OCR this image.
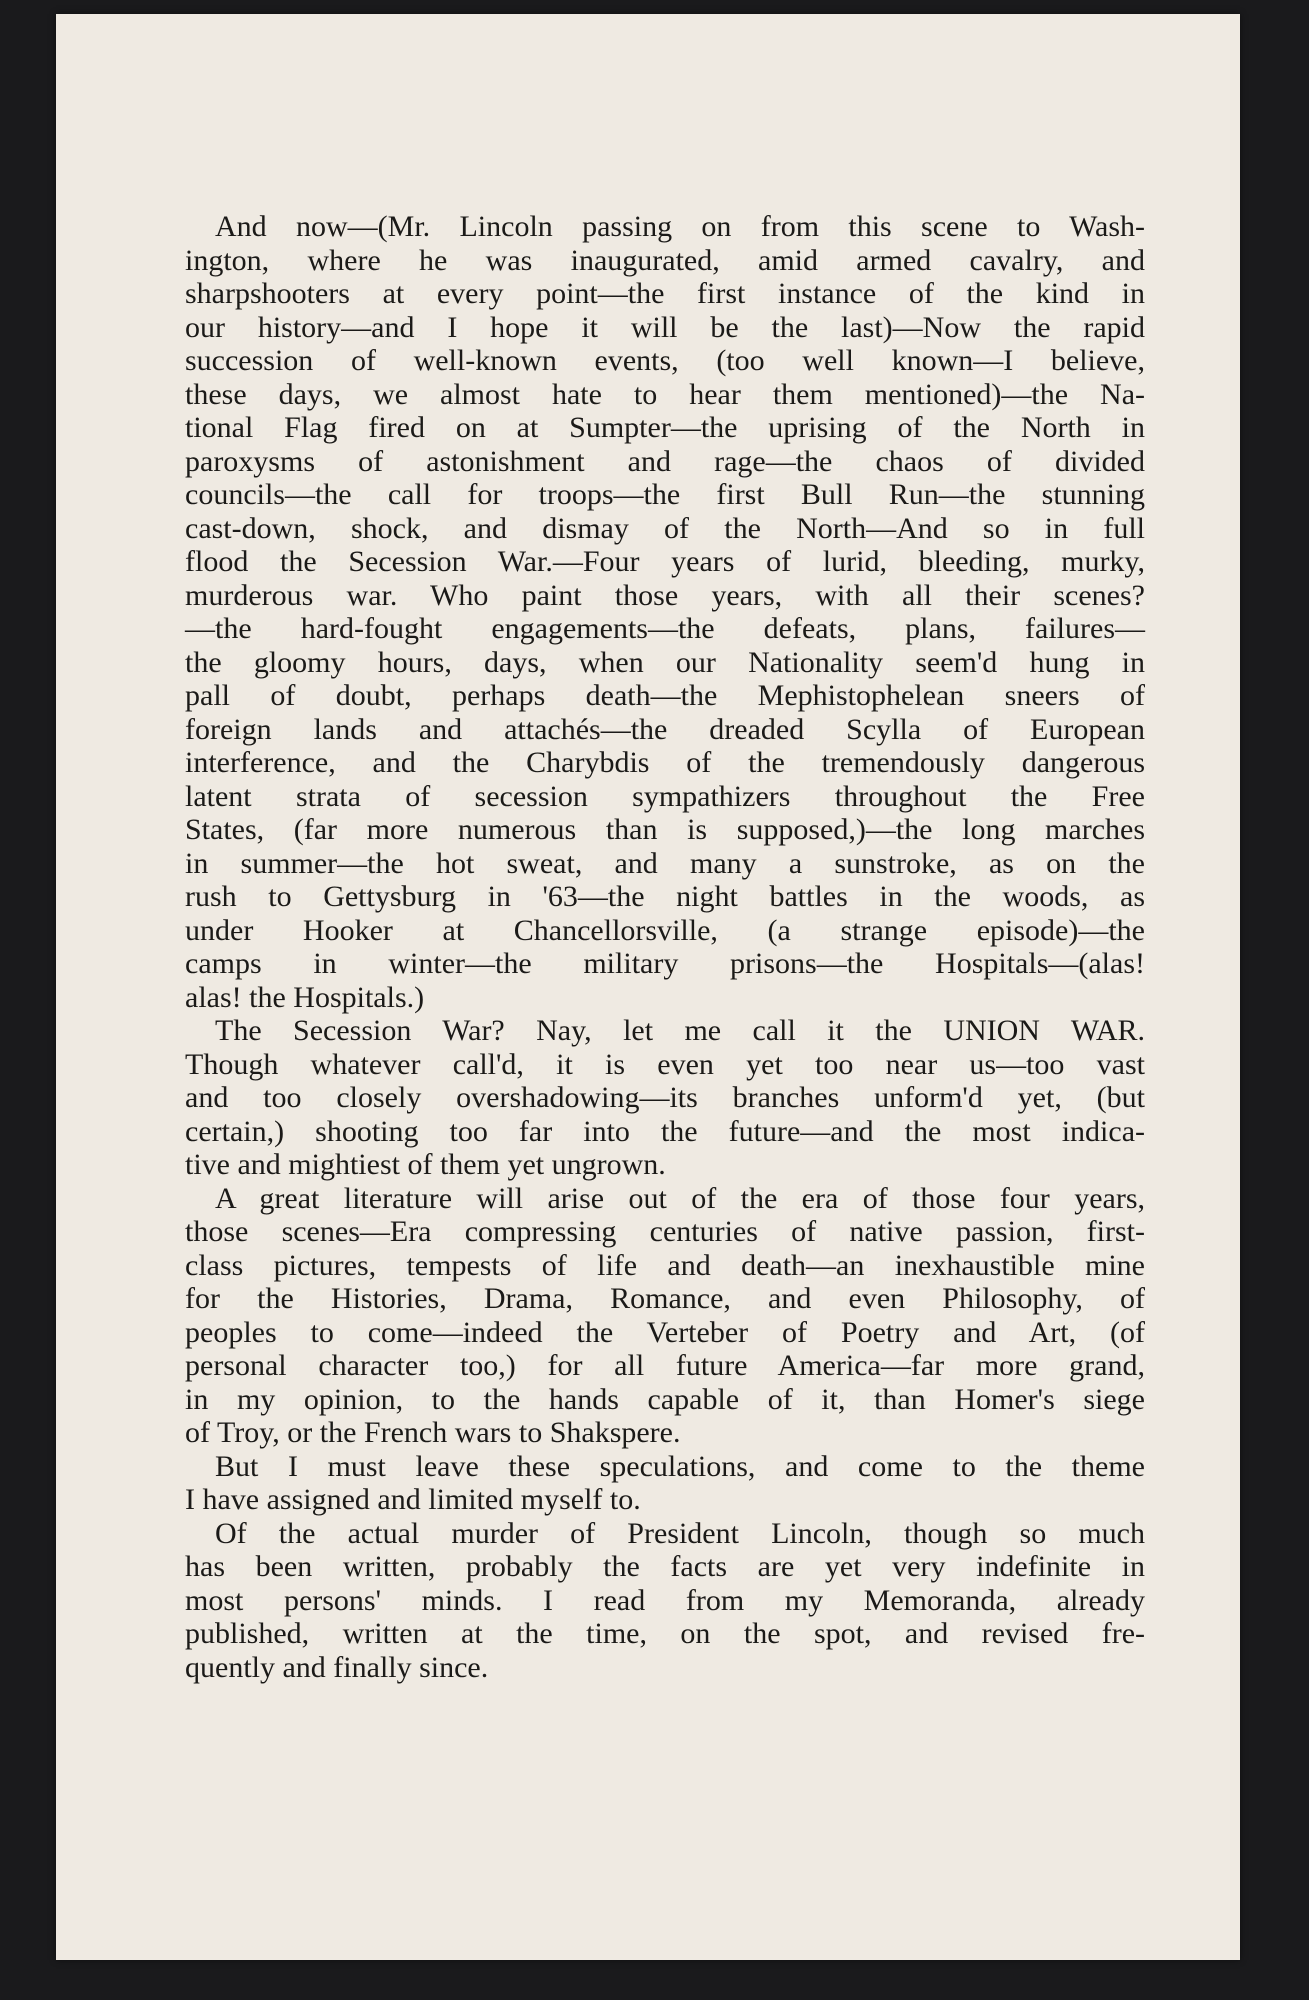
And now—(Mr. Lincoln passing on from this scene to Wash-
ington, where he was inaugurated, amid armed cavalry, and
sharpshooters at every point—the first instance of the kind in
our history—and I hope it will be the last)—Now the rapid
succession of well-known events, (too well known—I believe,
these days, we almost hate to hear them mentioned)—the Na-
tional Flag fired on at Sumpter—the uprising of the North in
paroxysms of astonishment and rage—the chaos of divided
councils—the call for troops—the first Bull Run—the stunning
cast-down, shock, and dismay of the North—And so in full
flood the Secession War.—Four years of lurid, bleeding, murky,
murderous war. Who paint those years, with all their scenes?
—the hard-fought engagements—the defeats, plans, failures—
the gloomy hours, days, when our Nationality seem'd hung in
pall of doubt, perhaps death—the Mephistophelean sneers of
foreign lands and attachés—the dreaded Scylla of European
interference, and the Charybdis of the tremendously dangerous
latent strata of secession sympathizers throughout the Free
States, (far more numerous than is supposed,)—the long marches
in summer—the hot sweat, and many a sunstroke, as on the
rush to Gettysburg in '63—the night battles in the woods, as
under Hooker at Chancellorsville, (a strange episode)—the
camps in winter—the military prisons—the Hospitals—(alas!
alas! the Hospitals.)
The Secession War? Nay, let me call it the UNION WAR.
Though whatever call'd, it is even yet too near us—too vast
and too closely overshadowing—its branches unform'd yet, (but
certain,) shooting too far into the future—and the most indica-
tive and mightiest of them yet ungrown.
A great literature will arise out of the era of those four years,
those scenes—Era compressing centuries of native passion, first-
class pictures, tempests of life and death—an inexhaustible mine
for the Histories, Drama, Romance, and even Philosophy, of
peoples to come—indeed the Verteber of Poetry and Art, (of
personal character too,) for all future America—far more grand,
in my opinion, to the hands capable of it, than Homer's siege
of Troy, or the French wars to Shakspere.
But I must leave these speculations, and come to the theme
I have assigned and limited myself to.
Of the actual murder of President Lincoln, though so much
has been written, probably the facts are yet very indefinite in
most persons' minds. I read from my Memoranda, already
published, written at the time, on the spot, and revised fre-
quently and finally since.
